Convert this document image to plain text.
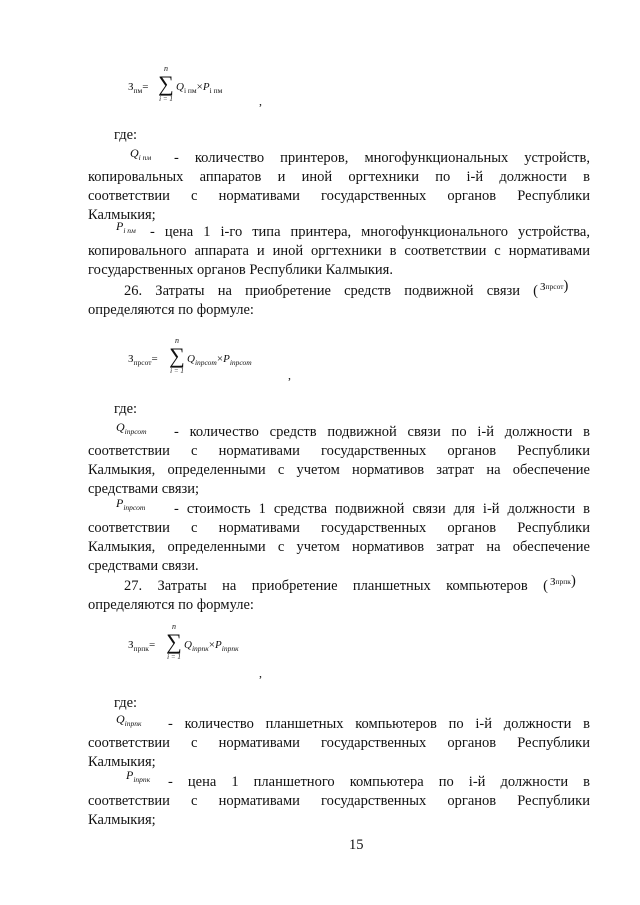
$З_{пм}=$
n
∑
i = 1
$Q_{i пм}\times P_{i пм}$
,
где:
$Q_{i пм}$ - количество принтеров, многофункциональных устройств,
копировальных аппаратов и иной оргтехники по i-й должности в
соответствии с нормативами государственных органов Республики
Калмыкия;
$P_{i пм}$ - цена 1 i-го типа принтера, многофункционального устройства,
копировального аппарата и иной оргтехники в соответствии с нормативами
государственных органов Республики Калмыкия.
26. Затраты на приобретение средств подвижной связи ( Зпрсот)
определяются по формуле:
$З_{прсот}=$
n
∑
i = 1
$Q_{iпрсот}\times P_{iпрсот}$
,
где:
$Q_{iпрсот}$ - количество средств подвижной связи по i-й должности в
соответствии с нормативами государственных органов Республики
Калмыкия, определенными с учетом нормативов затрат на обеспечение
средствами связи;
$P_{iпрсот}$ - стоимость 1 средства подвижной связи для i-й должности в
соответствии с нормативами государственных органов Республики
Калмыкия, определенными с учетом нормативов затрат на обеспечение
средствами связи.
27. Затраты на приобретение планшетных компьютеров ( Зпрпк)
определяются по формуле:
$З_{прпк}=$
n
∑
i = 1
$Q_{iпрпк}\times P_{iпрпк}$
,
где:
$Q_{iпрпк}$ - количество планшетных компьютеров по i-й должности в
соответствии с нормативами государственных органов Республики
Калмыкия;
$P_{iпрпк}$ - цена 1 планшетного компьютера по i-й должности в
соответствии с нормативами государственных органов Республики
Калмыкия;
15
